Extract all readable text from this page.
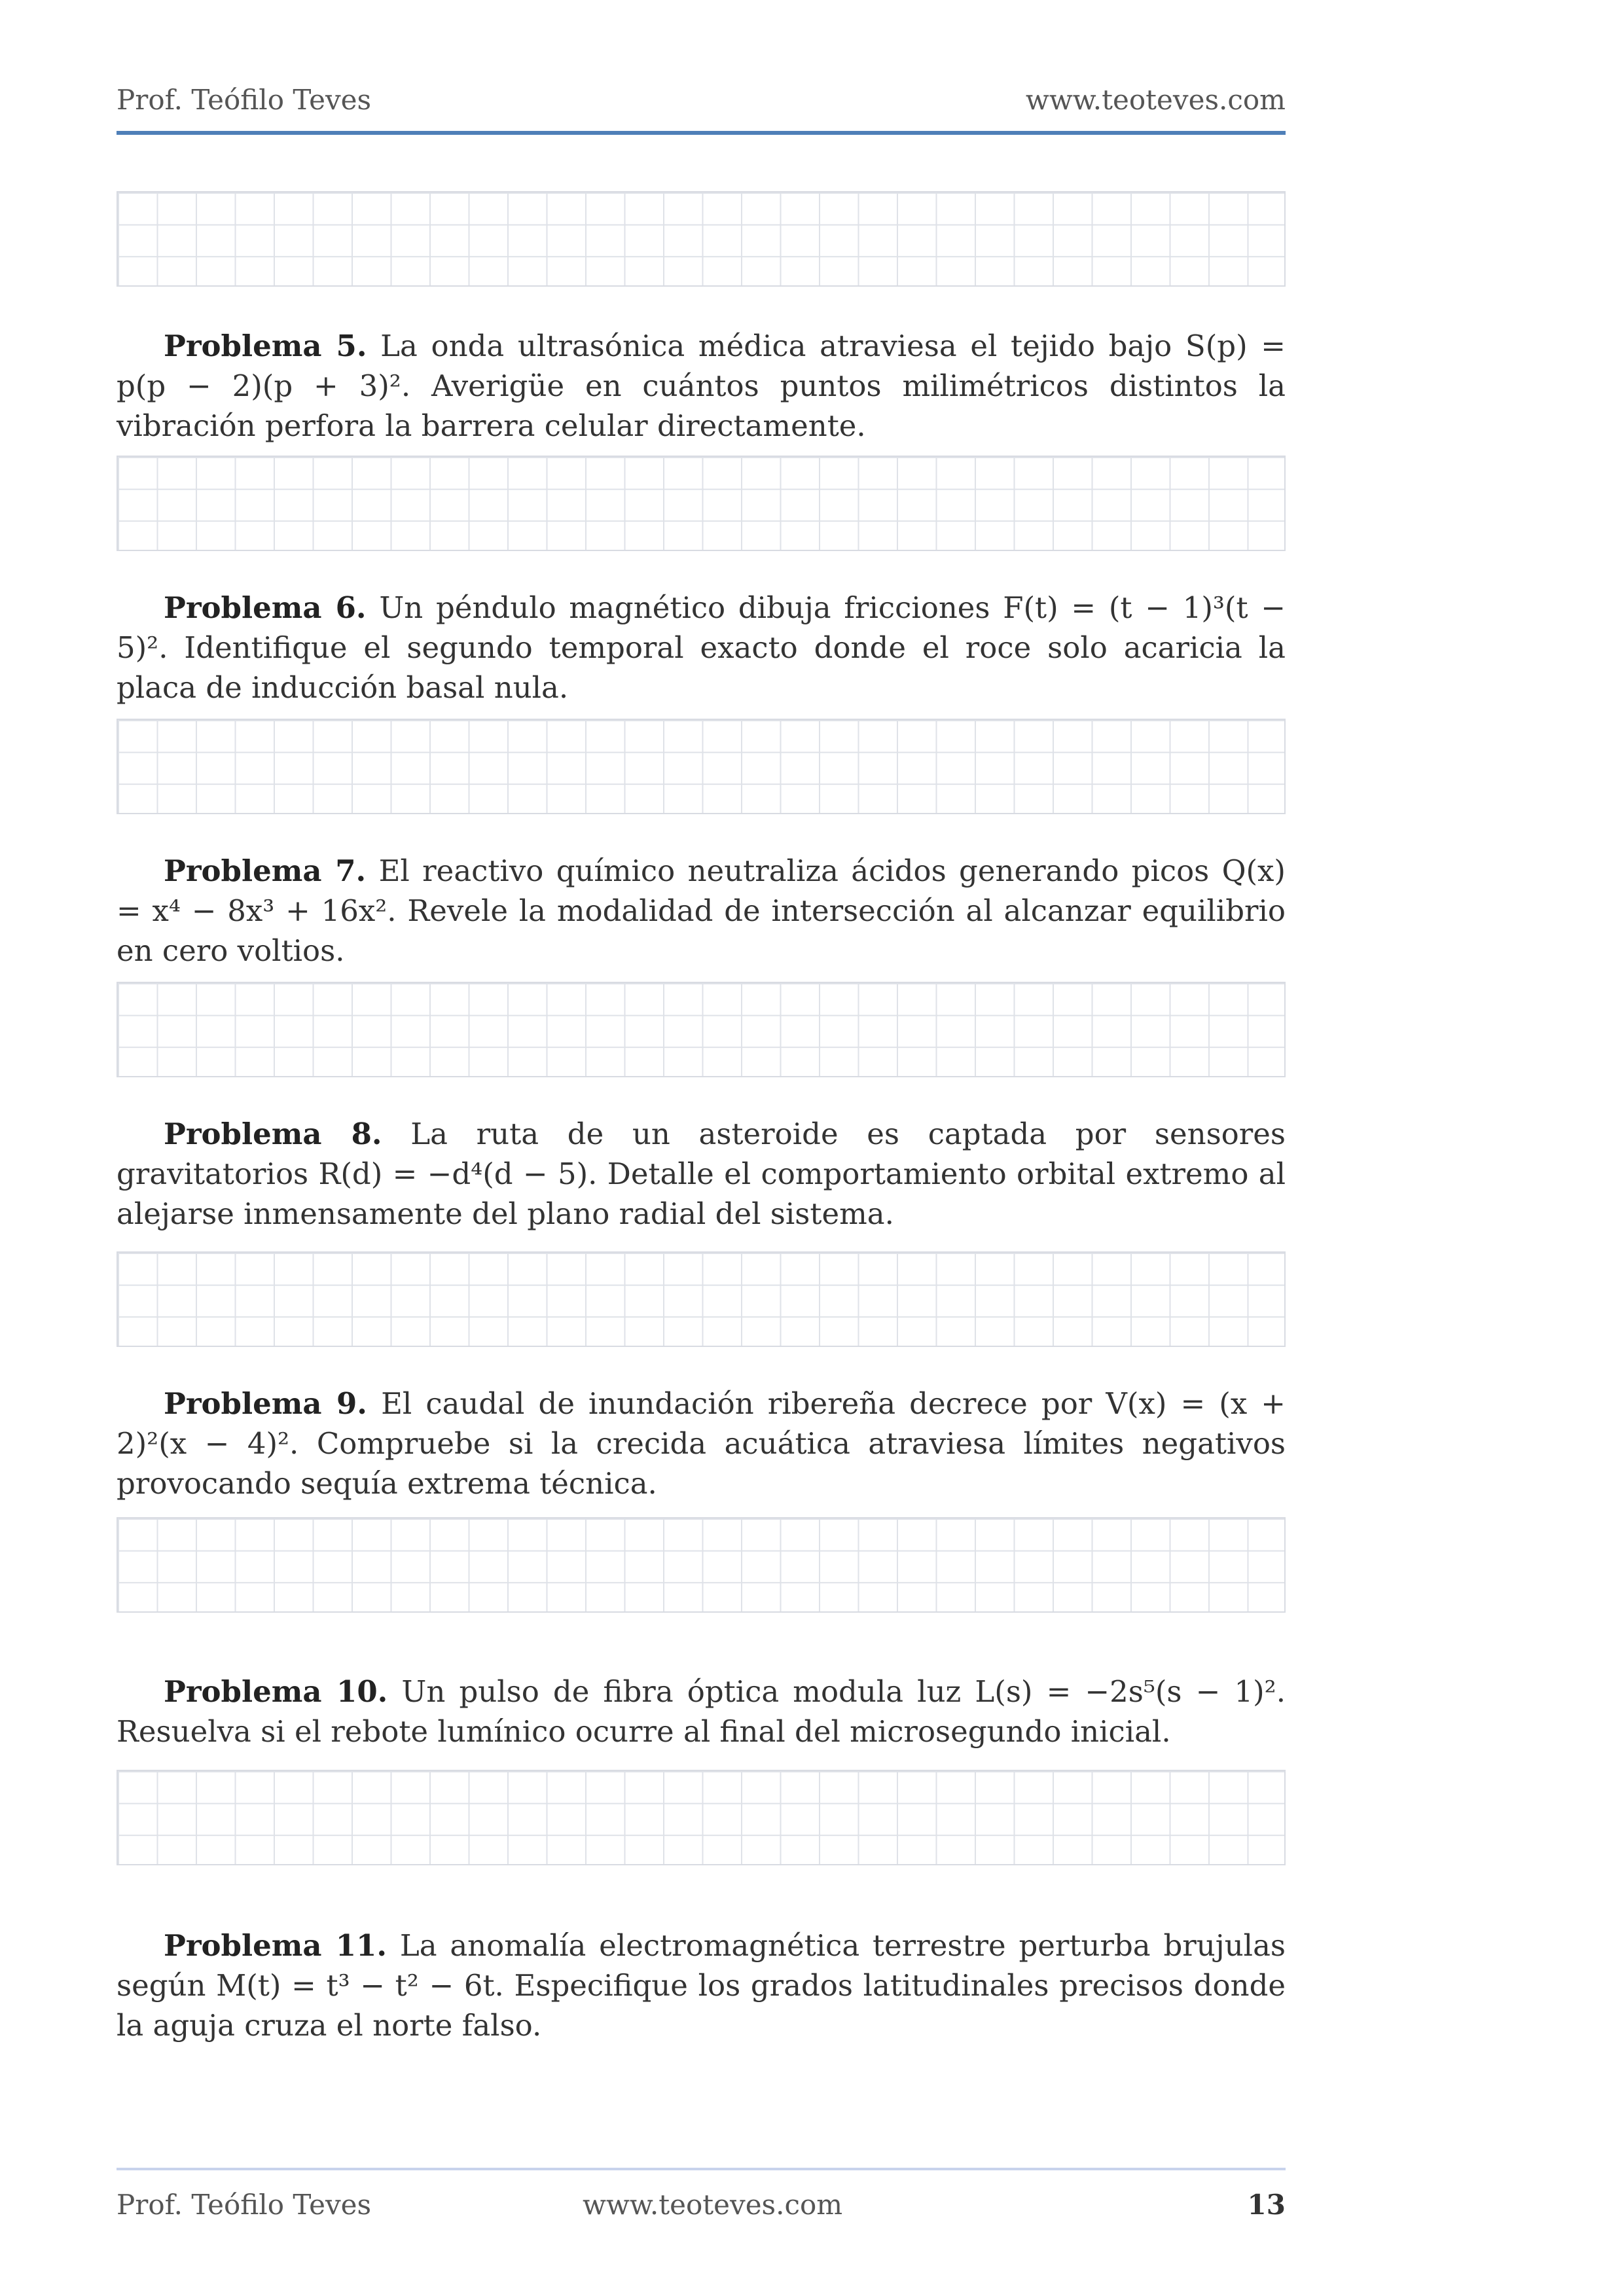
Prof. Teófilo Teves	www.teoteves.com

Problema 5. La onda ultrasónica médica atraviesa el tejido bajo S(p) = p(p − 2)(p + 3)². Averigüe en cuántos puntos milimétricos distintos la vibración perfora la barrera celular directamente.

Problema 6. Un péndulo magnético dibuja fricciones F(t) = (t − 1)³(t − 5)². Identifique el segundo temporal exacto donde el roce solo acaricia la placa de inducción basal nula.

Problema 7. El reactivo químico neutraliza ácidos generando picos Q(x) = x⁴ − 8x³ + 16x². Revele la modalidad de intersección al alcanzar equilibrio en cero voltios.

Problema 8. La ruta de un asteroide es captada por sensores gravitatorios R(d) = −d⁴(d − 5). Detalle el comportamiento orbital extremo al alejarse inmensamente del plano radial del sistema.

Problema 9. El caudal de inundación ribereña decrece por V(x) = (x + 2)²(x − 4)². Compruebe si la crecida acuática atraviesa límites negativos provocando sequía extrema técnica.

Problema 10. Un pulso de fibra óptica modula luz L(s) = −2s⁵(s − 1)². Resuelva si el rebote lumínico ocurre al final del microsegundo inicial.

Problema 11. La anomalía electromagnética terrestre perturba brujulas según M(t) = t³ − t² − 6t. Especifique los grados latitudinales precisos donde la aguja cruza el norte falso.

Prof. Teófilo Teves	www.teoteves.com	13
